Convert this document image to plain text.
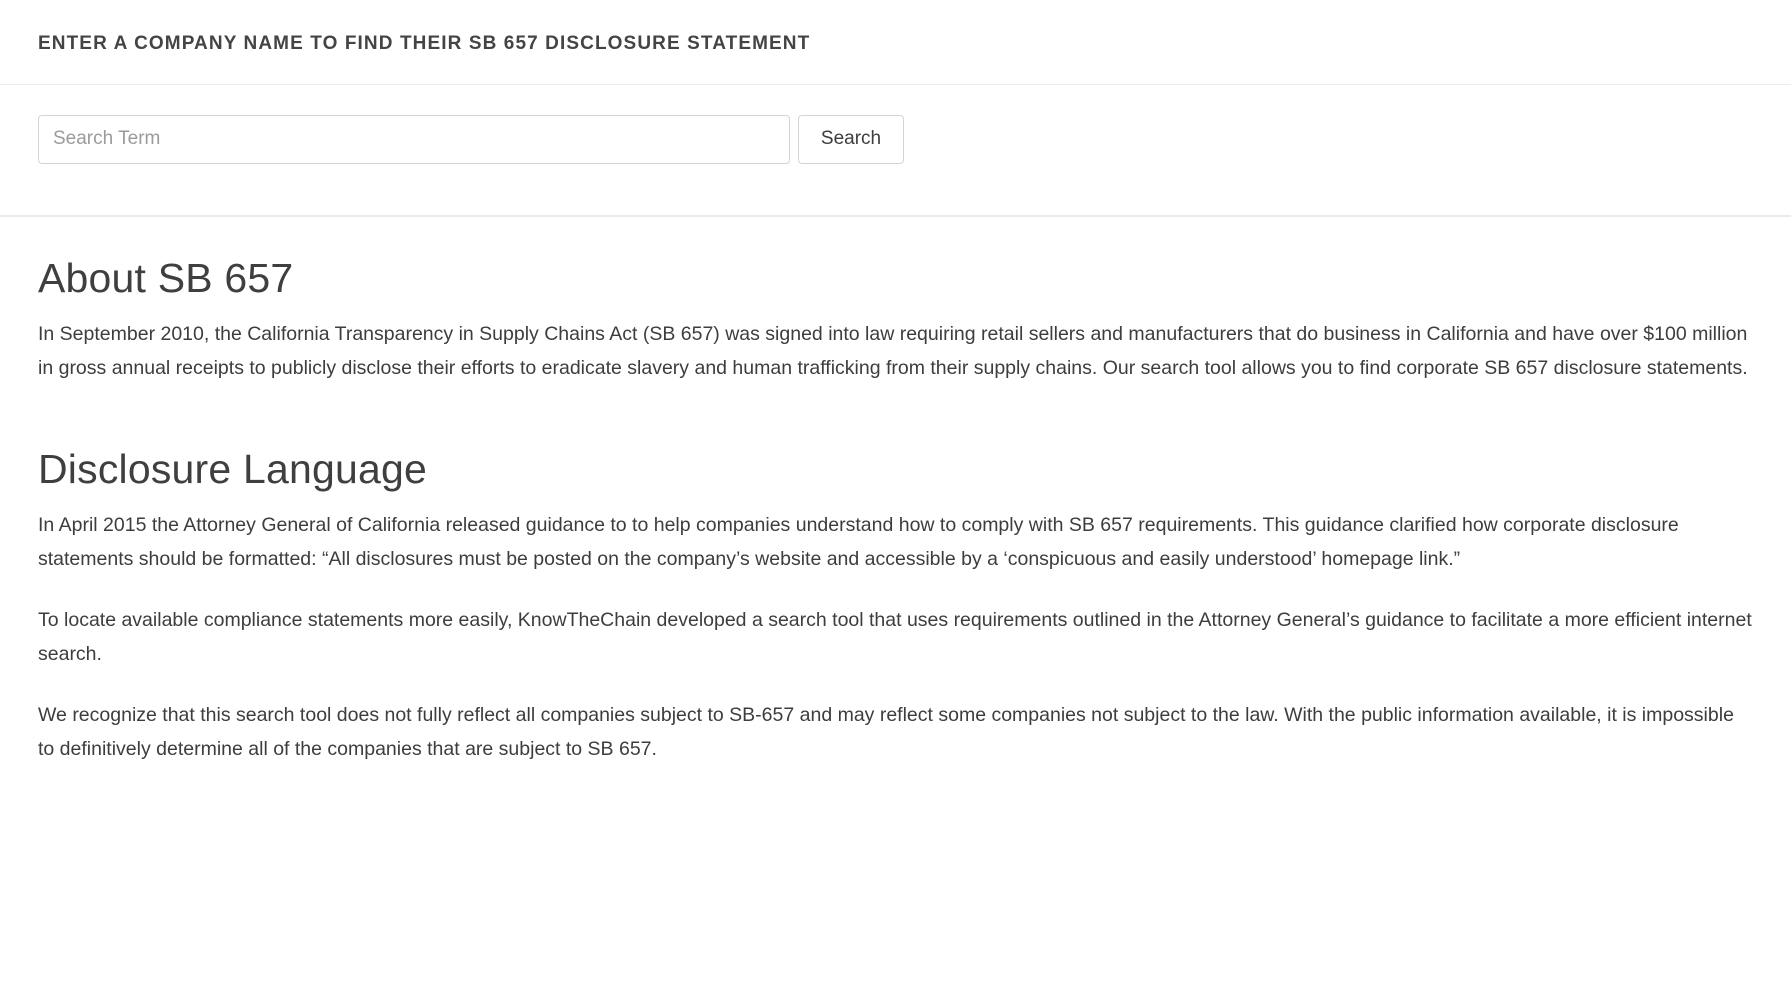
ENTER A COMPANY NAME TO FIND THEIR SB 657 DISCLOSURE STATEMENT
Search Term
Search
About SB 657

In September 2010, the California Transparency in Supply Chains Act (SB 657) was signed into law requiring retail sellers and manufacturers that do business in California and have over $100 million in gross annual receipts to publicly disclose their efforts to eradicate slavery and human trafficking from their supply chains. Our search tool allows you to find corporate SB 657 disclosure statements.

Disclosure Language

In April 2015 the Attorney General of California released guidance to to help companies understand how to comply with SB 657 requirements. This guidance clarified how corporate disclosure statements should be formatted: “All disclosures must be posted on the company’s website and accessible by a ‘conspicuous and easily understood’ homepage link.”

To locate available compliance statements more easily, KnowTheChain developed a search tool that uses requirements outlined in the Attorney General’s guidance to facilitate a more efficient internet search.

We recognize that this search tool does not fully reflect all companies subject to SB-657 and may reflect some companies not subject to the law. With the public information available, it is impossible to definitively determine all of the companies that are subject to SB 657.
